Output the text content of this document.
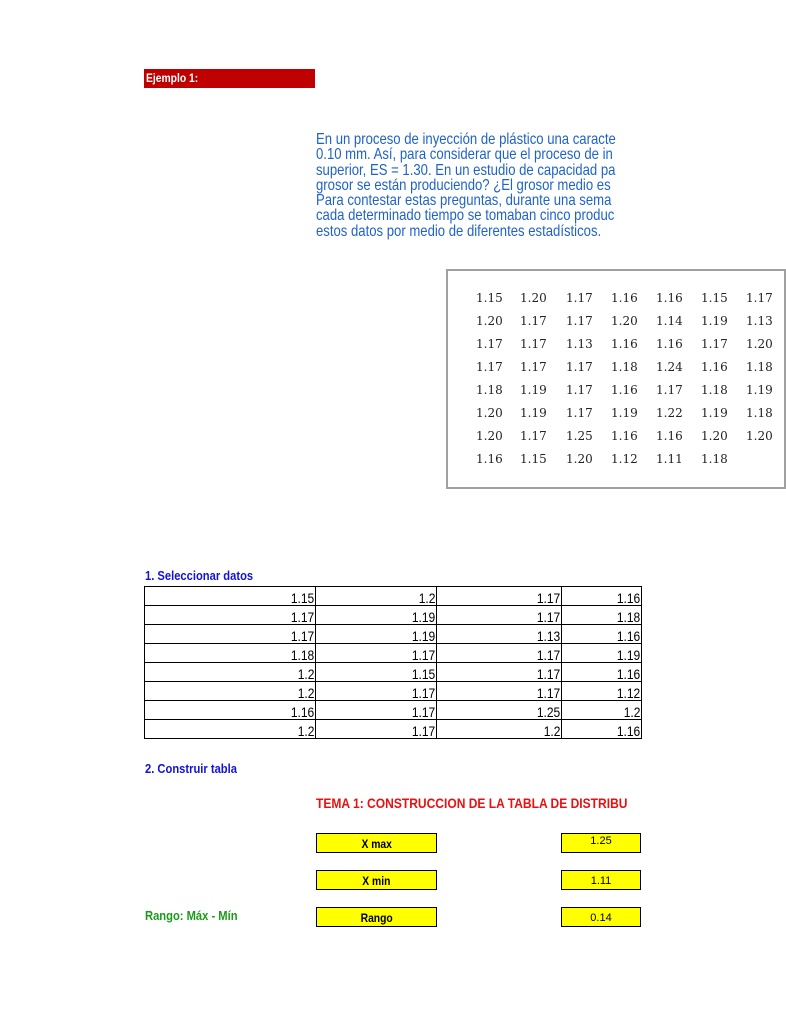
Ejemplo 1:
En un proceso de inyección de plástico una caracte
0.10 mm. Así, para considerar que el proceso de in
superior, ES = 1.30. En un estudio de capacidad pa
grosor se están produciendo? ¿El grosor medio es
Para contestar estas preguntas, durante una sema
cada determinado tiempo se tomaban cinco produc
estos datos por medio de diferentes estadísticos.
1.15 1.20 1.17 1.16 1.16 1.15 1.17
1.20 1.17 1.17 1.20 1.14 1.19 1.13
1.17 1.17 1.13 1.16 1.16 1.17 1.20
1.17 1.17 1.17 1.18 1.24 1.16 1.18
1.18 1.19 1.17 1.16 1.17 1.18 1.19
1.20 1.19 1.17 1.19 1.22 1.19 1.18
1.20 1.17 1.25 1.16 1.16 1.20 1.20
1.16 1.15 1.20 1.12 1.11 1.18
1. Seleccionar datos
1.15	1.2	1.17	1.16
1.17	1.19	1.17	1.18
1.17	1.19	1.13	1.16
1.18	1.17	1.17	1.19
1.2	1.15	1.17	1.16
1.2	1.17	1.17	1.12
1.16	1.17	1.25	1.2
1.2	1.17	1.2	1.16
2. Construir tabla
TEMA 1: CONSTRUCCION DE LA TABLA DE DISTRIBU
X max	1.25
X min	1.11
Rango: Máx - Mín	Rango	0.14
